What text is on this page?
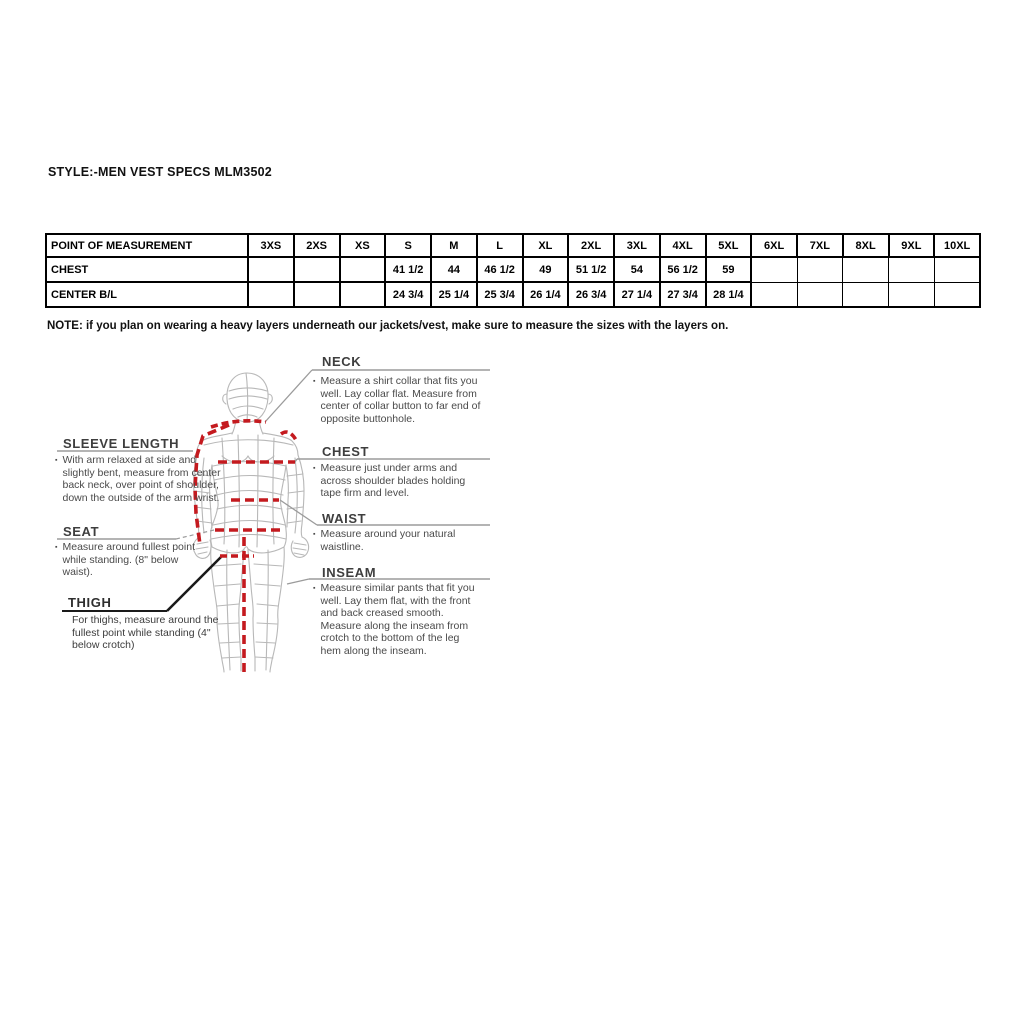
STYLE:-MEN VEST SPECS MLM3502
POINT OF MEASUREMENT	3XS	2XS	XS	S	M	L	XL	2XL	3XL	4XL	5XL	6XL	7XL	8XL	9XL	10XL
CHEST				41 1/2	44	46 1/2	49	51 1/2	54	56 1/2	59					
CENTER B/L				24 3/4	25 1/4	25 3/4	26 1/4	26 3/4	27 1/4	27 3/4	28 1/4					
NOTE: if you plan on wearing a heavy layers underneath our jackets/vest, make sure to measure the sizes with the layers on.
NECK
▪ Measure a shirt collar that fits you well. Lay collar flat. Measure from center of collar button to far end of opposite buttonhole.
CHEST
▪ Measure just under arms and across shoulder blades holding tape firm and level.
WAIST
▪ Measure around your natural waistline.
INSEAM
▪ Measure similar pants that fit you well. Lay them flat, with the front and back creased smooth. Measure along the inseam from crotch to the bottom of the leg hem along the inseam.
SLEEVE LENGTH
▪ With arm relaxed at side and slightly bent, measure from center back neck, over point of shoulder, down the outside of the arm wrist.
SEAT
▪ Measure around fullest point while standing. (8" below waist).
THIGH
For thighs, measure around the fullest point while standing (4" below crotch)
